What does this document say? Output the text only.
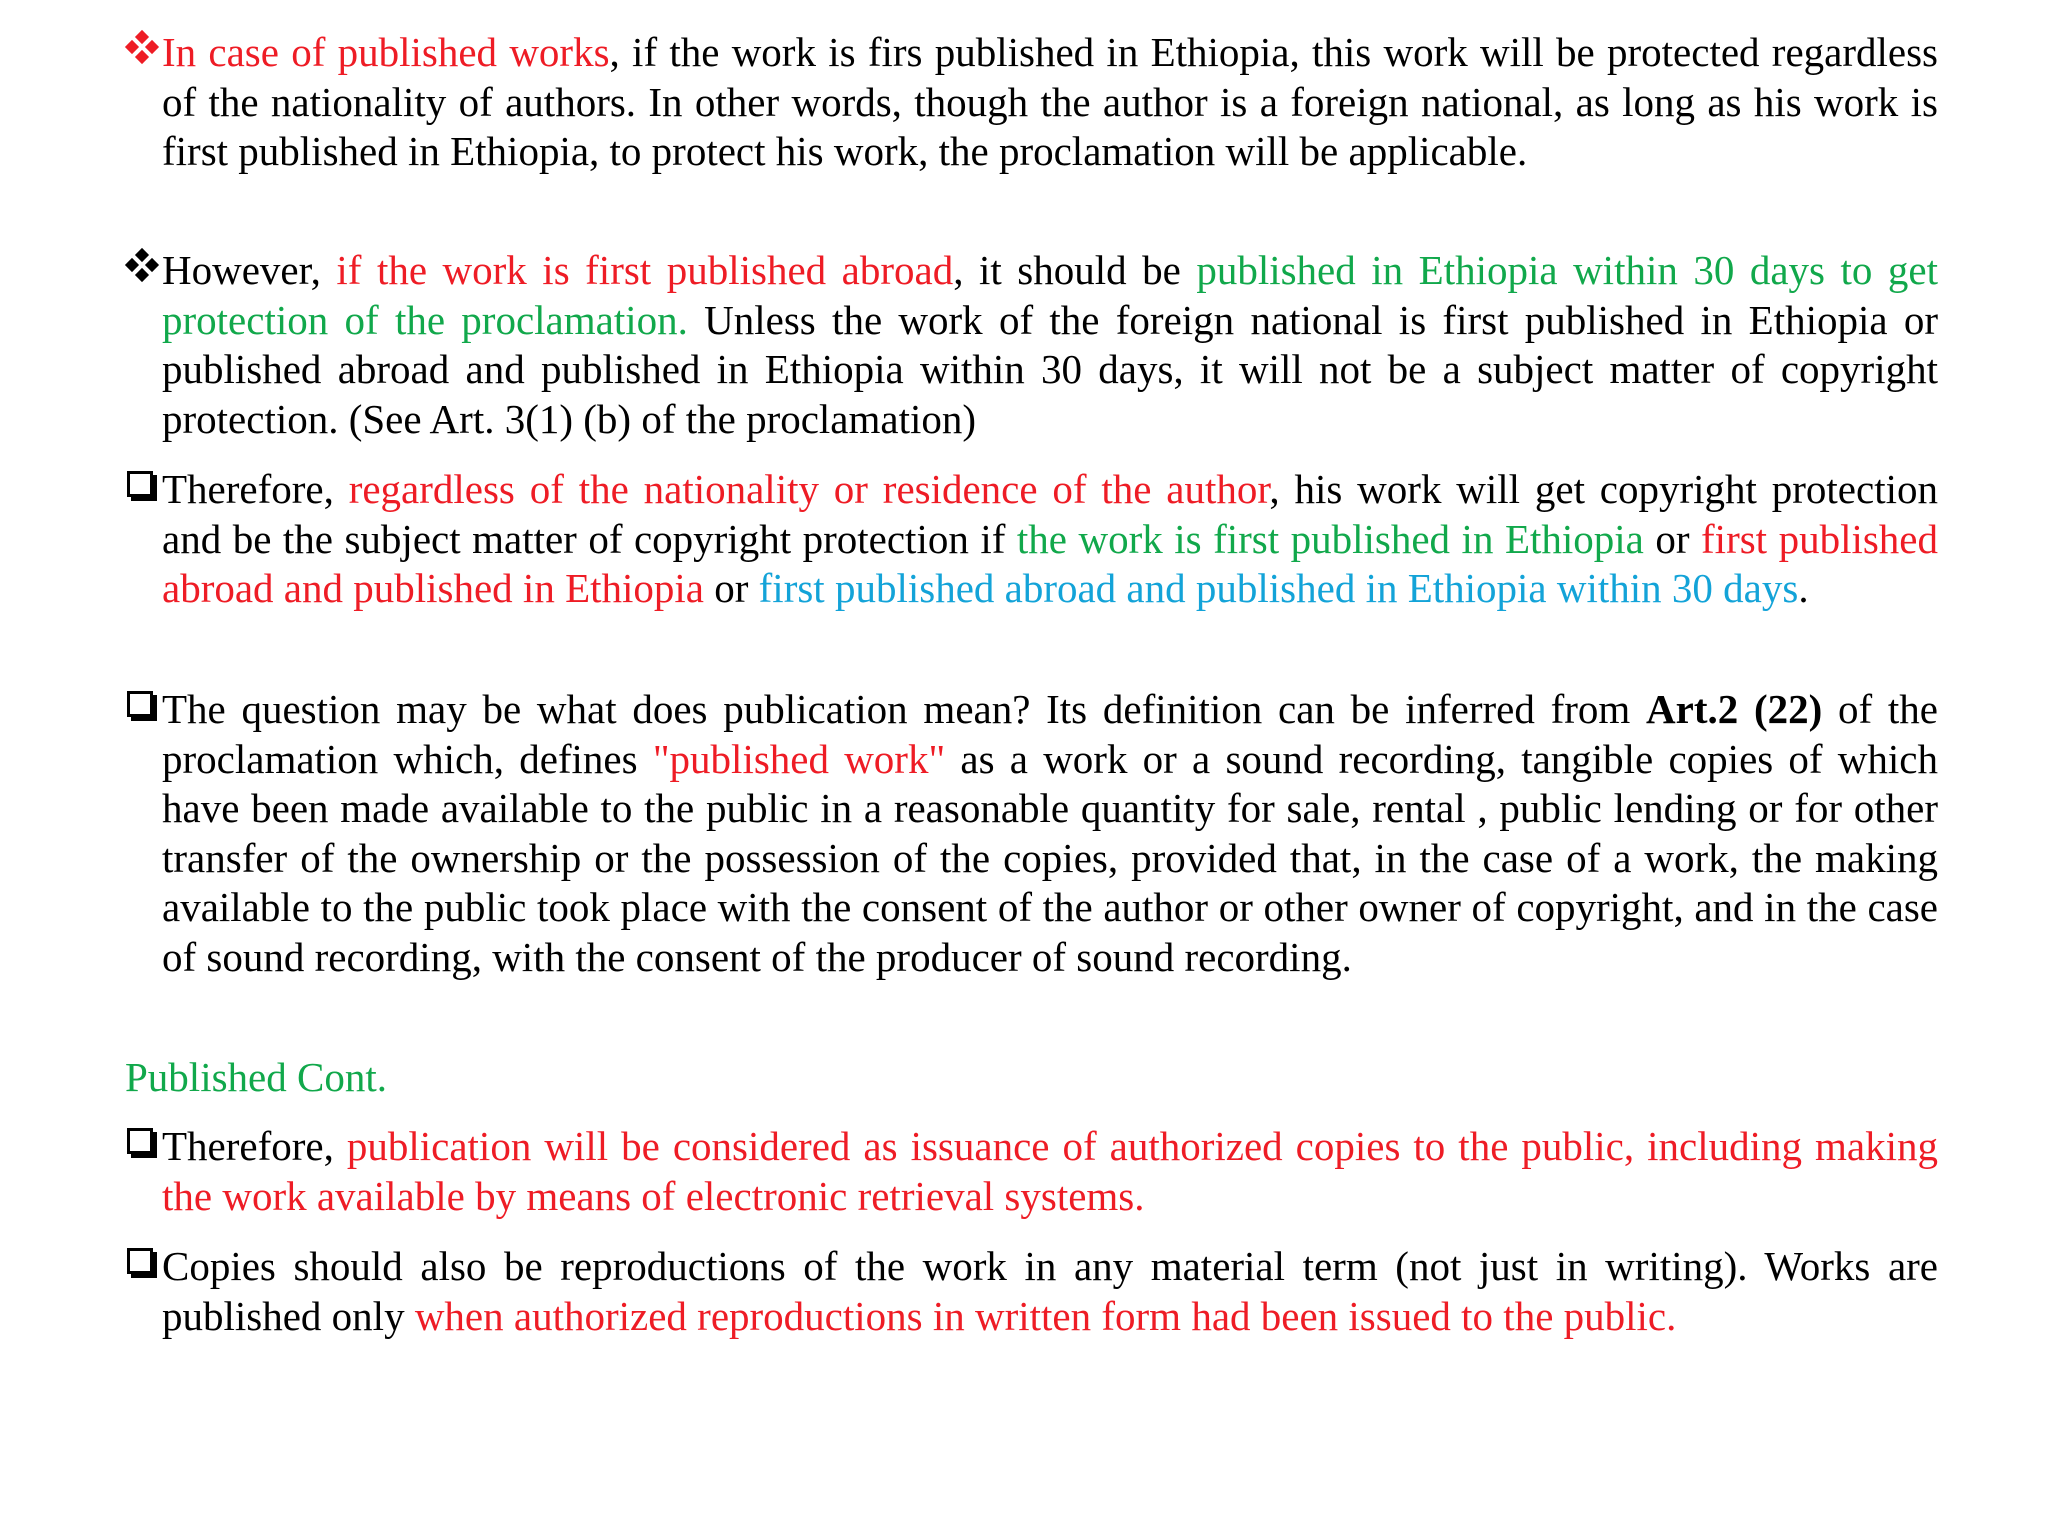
In case of published works, if the work is firs published in Ethiopia, this work will be protected regardless of the nationality of authors. In other words, though the author is a foreign national, as long as his work is first published in Ethiopia, to protect his work, the proclamation will be applicable.

However, if the work is first published abroad, it should be published in Ethiopia within 30 days to get protection of the proclamation. Unless the work of the foreign national is first published in Ethiopia or published abroad and published in Ethiopia within 30 days, it will not be a subject matter of copyright protection. (See Art. 3(1) (b) of the proclamation)

Therefore, regardless of the nationality or residence of the author, his work will get copyright protection and be the subject matter of copyright protection if the work is first published in Ethiopia or first published abroad and published in Ethiopia or first published abroad and published in Ethiopia within 30 days.

The question may be what does publication mean? Its definition can be inferred from Art.2 (22) of the proclamation which, defines "published work" as a work or a sound recording, tangible copies of which have been made available to the public in a reasonable quantity for sale, rental , public lending or for other transfer of the ownership or the possession of the copies, provided that, in the case of a work, the making available to the public took place with the consent of the author or other owner of copyright, and in the case of sound recording, with the consent of the producer of sound recording.

Published Cont.

Therefore, publication will be considered as issuance of authorized copies to the public, including making the work available by means of electronic retrieval systems.

Copies should also be reproductions of the work in any material term (not just in writing). Works are published only when authorized reproductions in written form had been issued to the public.
